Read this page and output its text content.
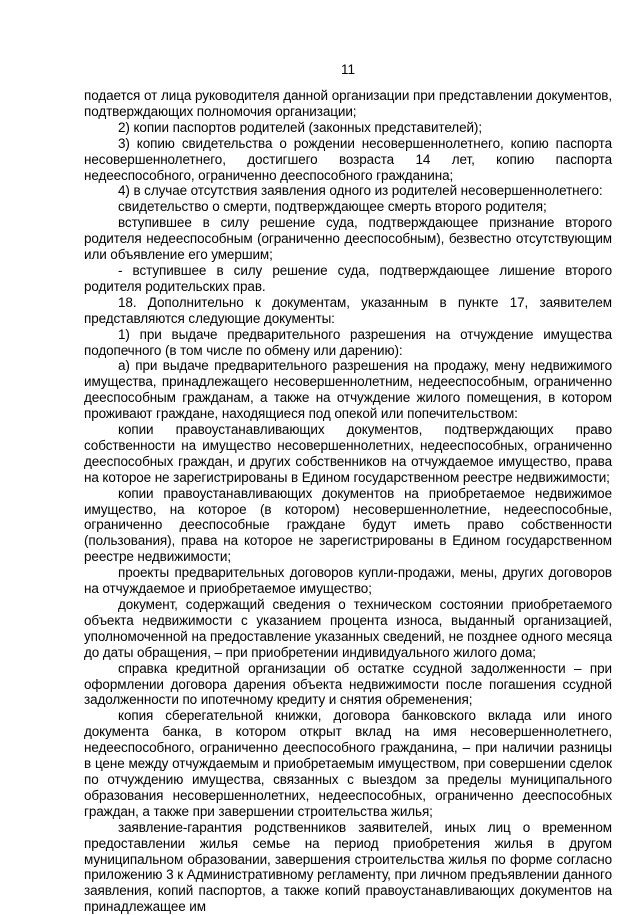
11

подается от лица руководителя данной организации при представлении документов, подтверждающих полномочия организации;

2) копии паспортов родителей (законных представителей);

3) копию свидетельства о рождении несовершеннолетнего, копию паспорта несовершеннолетнего, достигшего возраста 14 лет, копию паспорта недееспособного, ограниченно дееспособного гражданина;

4) в случае отсутствия заявления одного из родителей несовершеннолетнего:

свидетельство о смерти, подтверждающее смерть второго родителя;

вступившее в силу решение суда, подтверждающее признание второго родителя недееспособным (ограниченно дееспособным), безвестно отсутствующим или объявление его умершим;

- вступившее в силу решение суда, подтверждающее лишение второго родителя родительских прав.

18. Дополнительно к документам, указанным в пункте 17, заявителем представляются следующие документы:

1) при выдаче предварительного разрешения на отчуждение имущества подопечного (в том числе по обмену или дарению):

а) при выдаче предварительного разрешения на продажу, мену недвижимого имущества, принадлежащего несовершеннолетним, недееспособным, ограниченно дееспособным гражданам, а также на отчуждение жилого помещения, в котором проживают граждане, находящиеся под опекой или попечительством:

копии правоустанавливающих документов, подтверждающих право собственности на имущество несовершеннолетних, недееспособных, ограниченно дееспособных граждан, и других собственников на отчуждаемое имущество, права на которое не зарегистрированы в Едином государственном реестре недвижимости;

копии правоустанавливающих документов на приобретаемое недвижимое имущество, на которое (в котором) несовершеннолетние, недееспособные, ограниченно дееспособные граждане будут иметь право собственности (пользования), права на которое не зарегистрированы в Едином государственном реестре недвижимости;

проекты предварительных договоров купли-продажи, мены, других договоров на отчуждаемое и приобретаемое имущество;

документ, содержащий сведения о техническом состоянии приобретаемого объекта недвижимости с указанием процента износа, выданный организацией, уполномоченной на предоставление указанных сведений, не позднее одного месяца до даты обращения, – при приобретении индивидуального жилого дома;

справка кредитной организации об остатке ссудной задолженности – при оформлении договора дарения объекта недвижимости после погашения ссудной задолженности по ипотечному кредиту и снятия обременения;

копия сберегательной книжки, договора банковского вклада или иного документа банка, в котором открыт вклад на имя несовершеннолетнего, недееспособного, ограниченно дееспособного гражданина, – при наличии разницы в цене между отчуждаемым и приобретаемым имуществом, при совершении сделок по отчуждению имущества, связанных с выездом за пределы муниципального образования несовершеннолетних, недееспособных, ограниченно дееспособных граждан, а также при завершении строительства жилья;

заявление-гарантия родственников заявителей, иных лиц о временном предоставлении жилья семье на период приобретения жилья в другом муниципальном образовании, завершения строительства жилья по форме согласно приложению 3 к Административному регламенту, при личном предъявлении данного заявления, копий паспортов, а также копий правоустанавливающих документов на принадлежащее им
